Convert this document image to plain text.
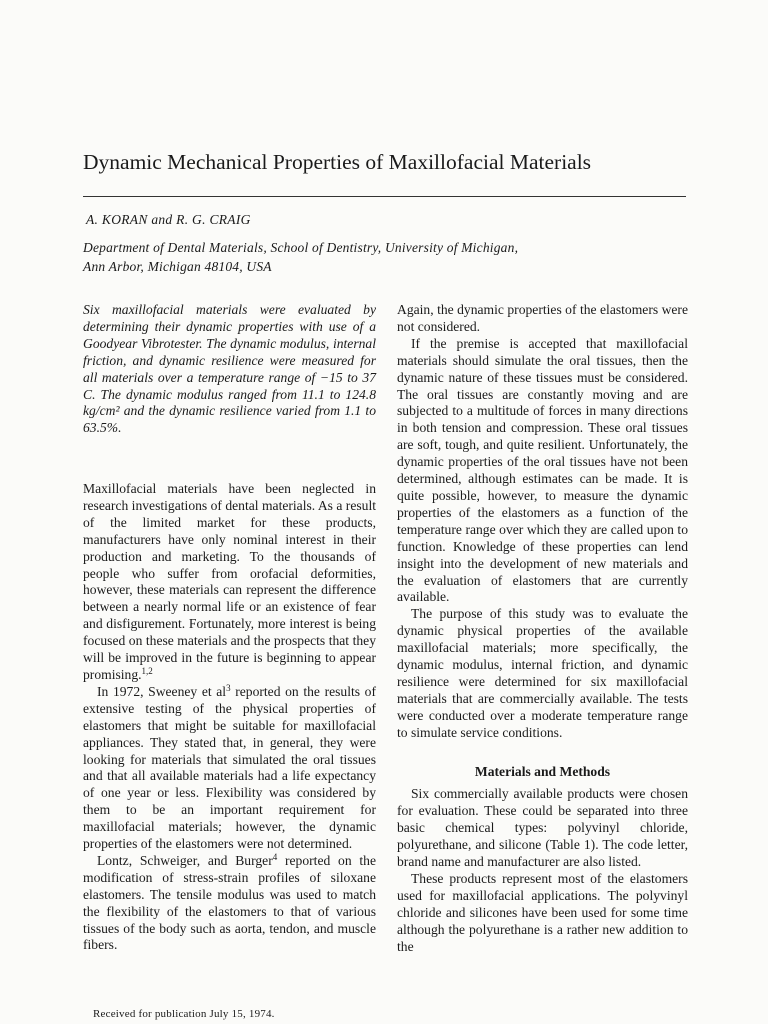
Dynamic Mechanical Properties of Maxillofacial Materials
A. KORAN and R. G. CRAIG
Department of Dental Materials, School of Dentistry, University of Michigan,
Ann Arbor, Michigan 48104, USA
Six maxillofacial materials were evaluated by determining their dynamic properties with use of a Goodyear Vibrotester. The dynamic modulus, internal friction, and dynamic resilience were measured for all materials over a temperature range of −15 to 37 C. The dynamic modulus ranged from 11.1 to 124.8 kg/cm² and the dynamic resilience varied from 1.1 to 63.5%.

Maxillofacial materials have been neglected in research investigations of dental materials. As a result of the limited market for these products, manufacturers have only nominal interest in their production and marketing. To the thousands of people who suffer from orofacial deformities, however, these materials can represent the difference between a nearly normal life or an existence of fear and disfigurement. Fortunately, more interest is being focused on these materials and the prospects that they will be improved in the future is beginning to appear promising.$^{1,2}$

In 1972, Sweeney et $al^3$ reported on the results of extensive testing of the physical properties of elastomers that might be suitable for maxillofacial appliances. They stated that, in general, they were looking for materials that simulated the oral tissues and that all available materials had a life expectancy of one year or less. Flexibility was considered by them to be an important requirement for maxillofacial materials; however, the dynamic properties of the elastomers were not determined.

Lontz, Schweiger, and Burger$^4$ reported on the modification of stress-strain profiles of siloxane elastomers. The tensile modulus was used to match the flexibility of the elastomers to that of various tissues of the body such as aorta, tendon, and muscle fibers.

Again, the dynamic properties of the elastomers were not considered.

If the premise is accepted that maxillofacial materials should simulate the oral tissues, then the dynamic nature of these tissues must be considered. The oral tissues are constantly moving and are subjected to a multitude of forces in many directions in both tension and compression. These oral tissues are soft, tough, and quite resilient. Unfortunately, the dynamic properties of the oral tissues have not been determined, although estimates can be made. It is quite possible, however, to measure the dynamic properties of the elastomers as a function of the temperature range over which they are called upon to function. Knowledge of these properties can lend insight into the development of new materials and the evaluation of elastomers that are currently available.

The purpose of this study was to evaluate the dynamic physical properties of the available maxillofacial materials; more specifically, the dynamic modulus, internal friction, and dynamic resilience were determined for six maxillofacial materials that are commercially available. The tests were conducted over a moderate temperature range to simulate service conditions.

Materials and Methods

Six commercially available products were chosen for evaluation. These could be separated into three basic chemical types: polyvinyl chloride, polyurethane, and silicone (Table 1). The code letter, brand name and manufacturer are also listed.

These products represent most of the elastomers used for maxillofacial applications. The polyvinyl chloride and silicones have been used for some time although the polyurethane is a rather new addition to the

Received for publication July 15, 1974.
